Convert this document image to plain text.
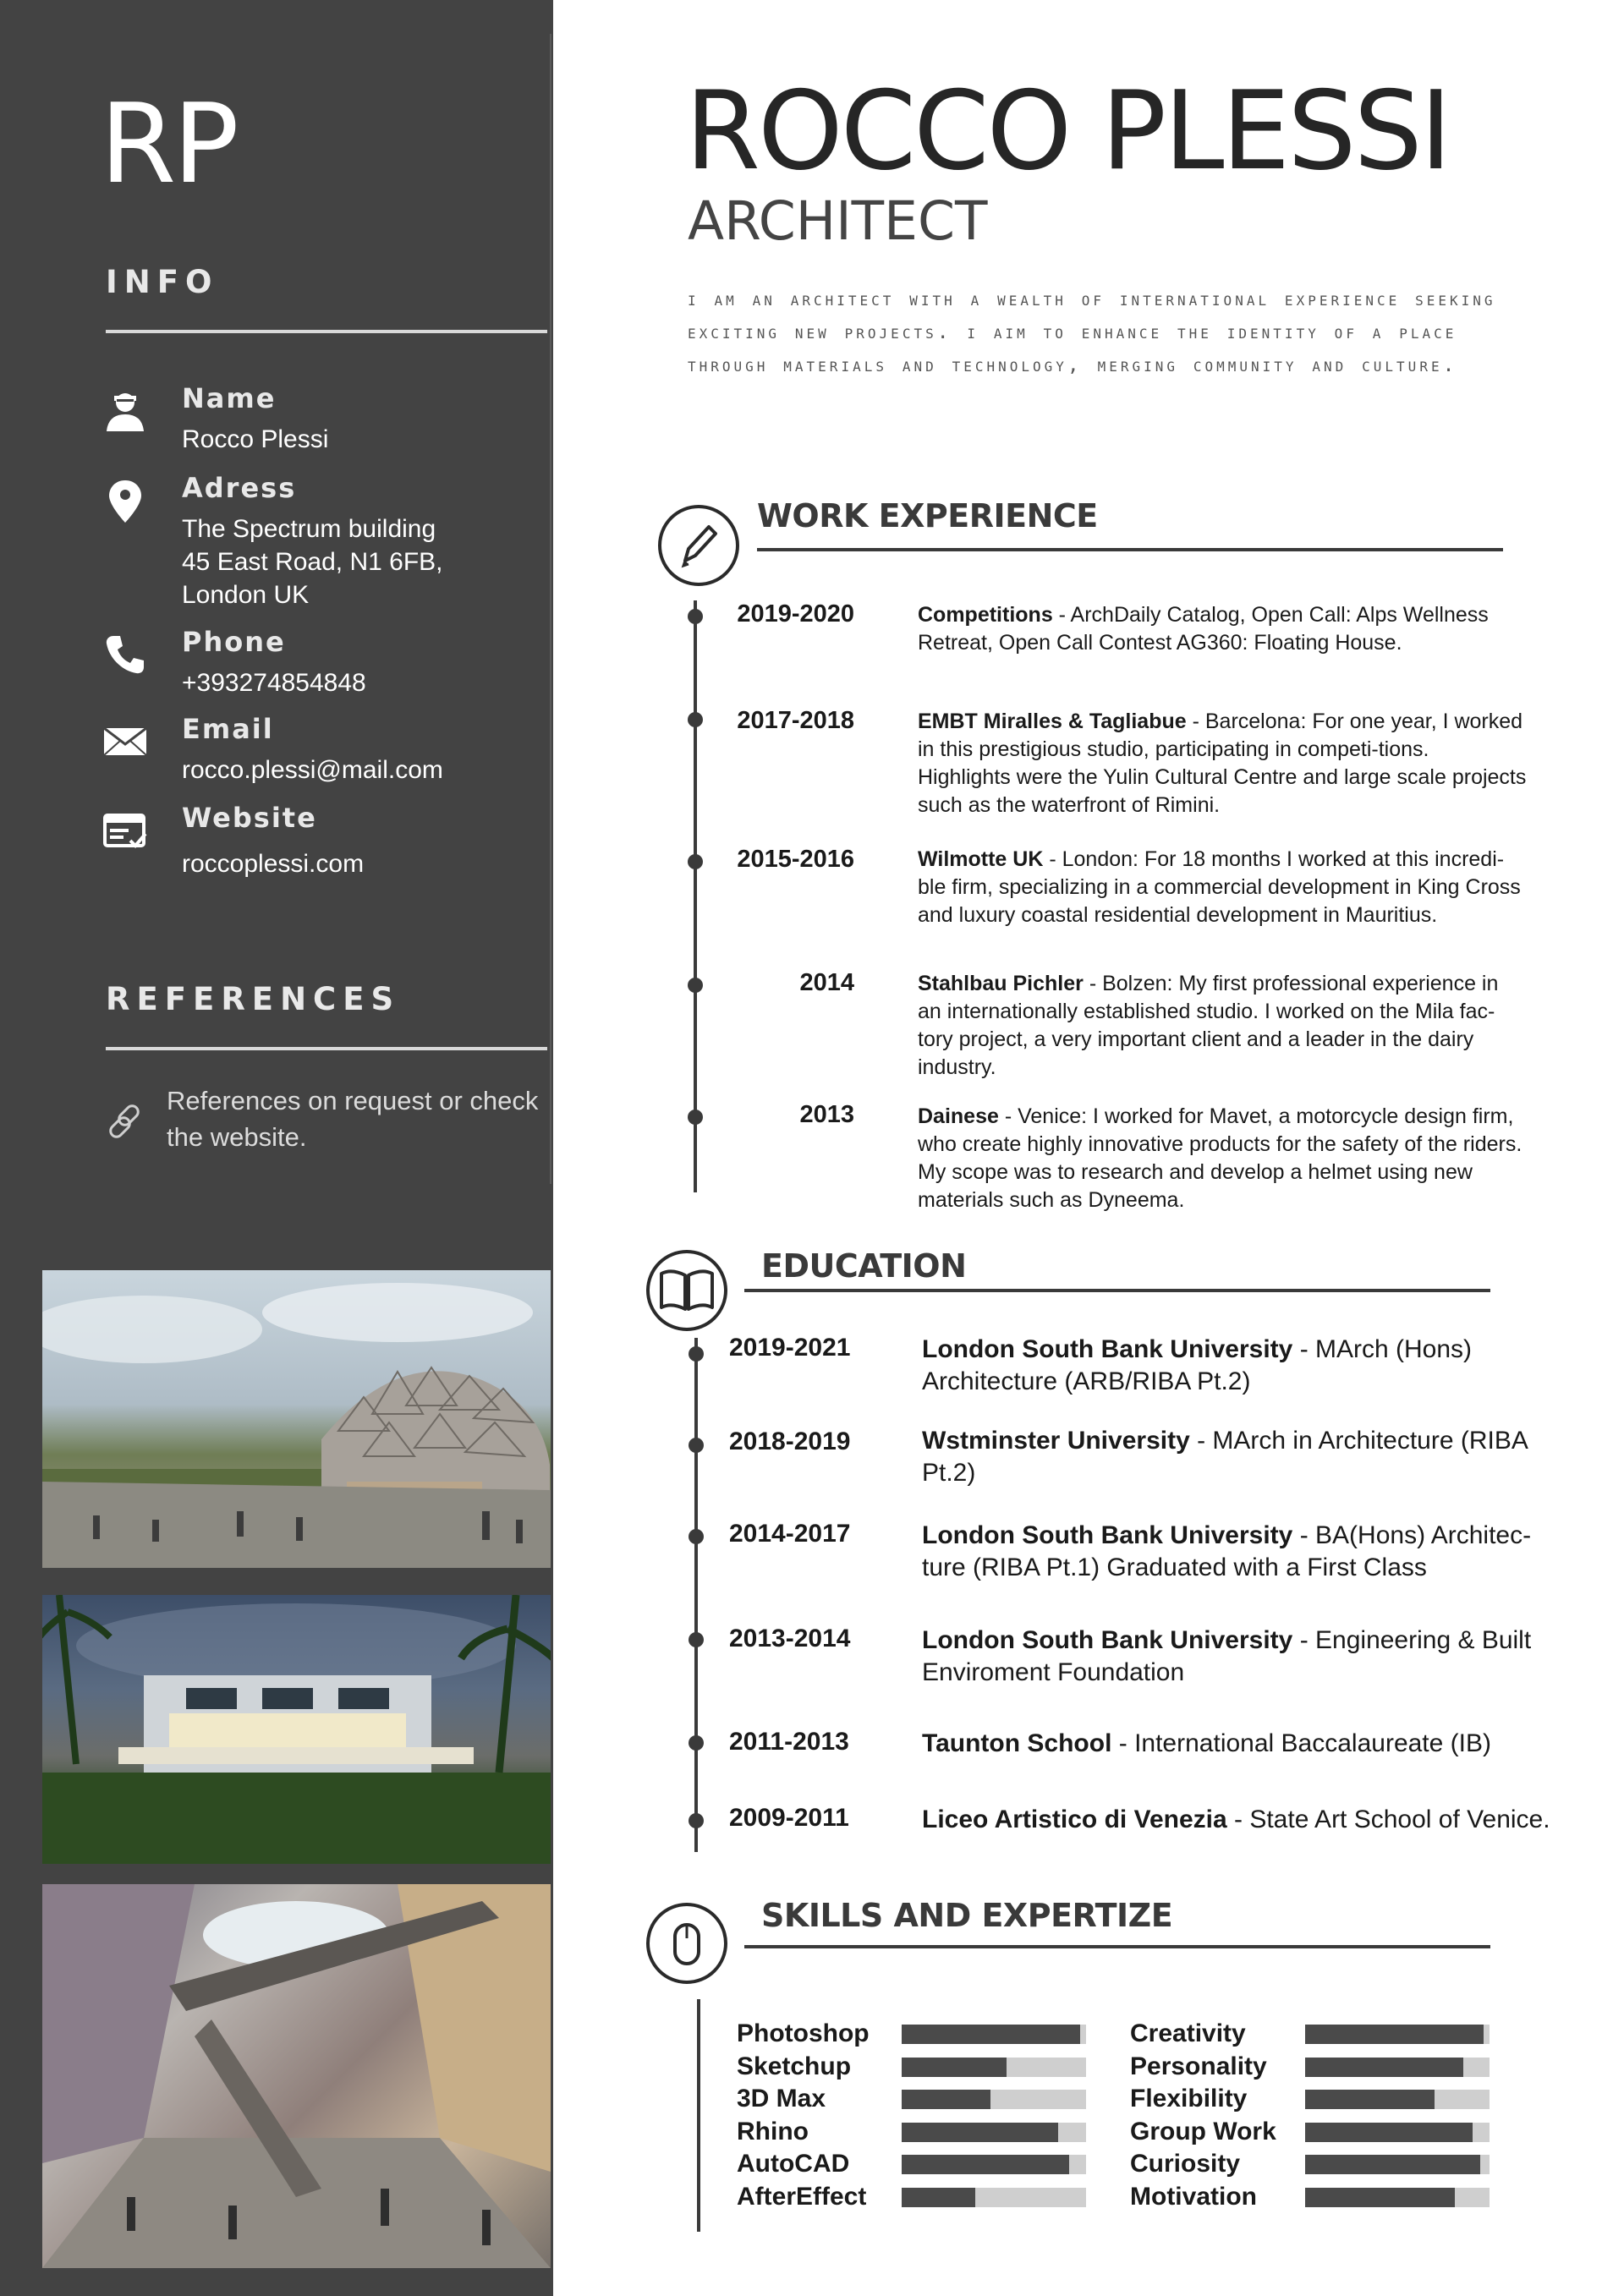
RP
INFO
Name
Rocco Plessi
Adress
The Spectrum building
45 East Road, N1 6FB,
London UK
Phone
+393274854848
Email
rocco.plessi@mail.com
Website
roccoplessi.com
REFERENCES
References on request or check the website.
ROCCO PLESSI
ARCHITECT
i am an architect with a wealth of international experience seeking exciting new projects. i aim to enhance the identity of a place through materials and technology, merging community and culture.
WORK EXPERIENCE
2019-2020	Competitions - ArchDaily Catalog, Open Call: Alps Wellness Retreat, Open Call Contest AG360: Floating House.
2017-2018	EMBT Miralles & Tagliabue - Barcelona: For one year, I worked in this prestigious studio, participating in competi-tions. Highlights were the Yulin Cultural Centre and large scale projects such as the waterfront of Rimini.
2015-2016	Wilmotte UK - London: For 18 months I worked at this incredi-ble firm, specializing in a commercial development in King Cross and luxury coastal residential development in Mauritius.
2014	Stahlbau Pichler - Bolzen: My first professional experience in an internationally established studio. I worked on the Mila fac-tory project, a very important client and a leader in the dairy industry.
2013	Dainese - Venice: I worked for Mavet, a motorcycle design firm, who create highly innovative products for the safety of the riders. My scope was to research and develop a helmet using new materials such as Dyneema.
EDUCATION
2019-2021	London South Bank University - MArch (Hons) Architecture (ARB/RIBA Pt.2)
2018-2019	Wstminster University - MArch in Architecture (RIBA Pt.2)
2014-2017	London South Bank University - BA(Hons) Architec-ture (RIBA Pt.1) Graduated with a First Class
2013-2014	London South Bank University - Engineering & Built Enviroment Foundation
2011-2013	Taunton School - International Baccalaureate (IB)
2009-2011	Liceo Artistico di Venezia - State Art School of Venice.
SKILLS AND EXPERTIZE
Photoshop
Sketchup
3D Max
Rhino
AutoCAD
AfterEffect
Creativity
Personality
Flexibility
Group Work
Curiosity
Motivation
